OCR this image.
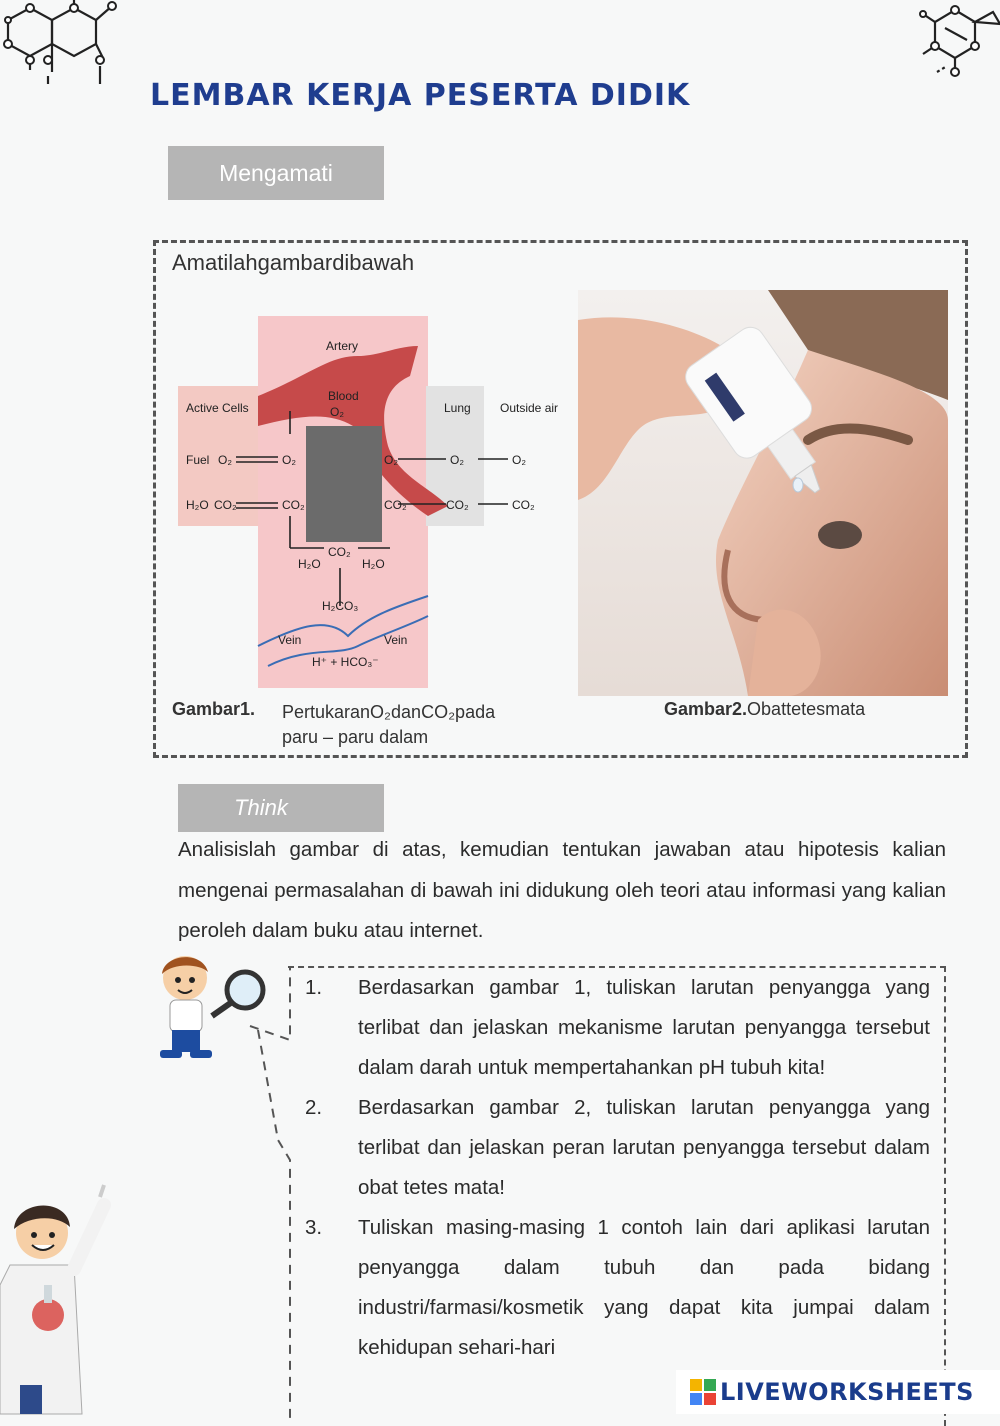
LEMBAR KERJA PESERTA DIDIK
Mengamati
Amatilahgambardibawah
Artery
Blood
Active Cells
Fuel O₂	O₂
O₂
H₂O CO₂	CO₂
Lung Outside air
O₂	O₂	O₂
CO₂	CO₂	CO₂
CO₂
H₂O	H₂O
H₂CO₃
Vein	Vein
H⁺ + HCO₃⁻
Gambar1. PertukaranO₂danCO₂pada paru – paru dalam
Gambar2.Obattetesmata
Think
Analisislah gambar di atas, kemudian tentukan jawaban atau hipotesis kalian mengenai permasalahan di bawah ini didukung oleh teori atau informasi yang kalian peroleh dalam buku atau internet.
1.	Berdasarkan gambar 1, tuliskan larutan penyangga yang terlibat dan jelaskan mekanisme larutan penyangga tersebut dalam darah untuk mempertahankan pH tubuh kita!
2.	Berdasarkan gambar 2, tuliskan larutan penyangga yang terlibat dan jelaskan peran larutan penyangga tersebut dalam obat tetes mata!
3.	Tuliskan masing-masing 1 contoh lain dari aplikasi larutan penyangga dalam tubuh dan pada bidang industri/farmasi/kosmetik yang dapat kita jumpai dalam kehidupan sehari-hari
LIVEWORKSHEETS
